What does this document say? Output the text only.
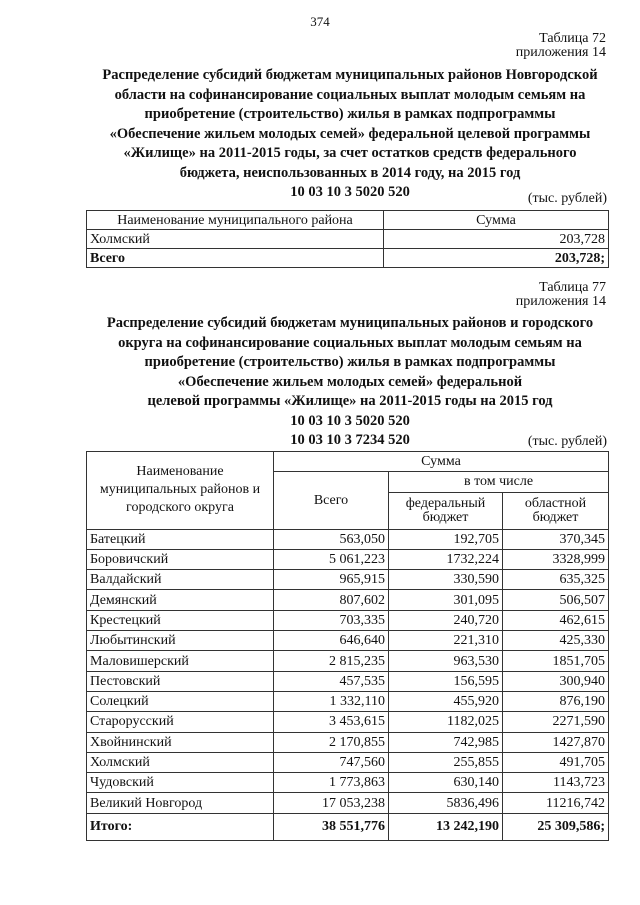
374
Таблица 72
приложения 14
Распределение субсидий бюджетам муниципальных районов Новгородской
области на софинансирование социальных выплат молодым семьям на
приобретение (строительство) жилья в рамках подпрограммы
«Обеспечение жильем молодых семей» федеральной целевой программы
«Жилище» на 2011-2015 годы, за счет остатков средств федерального
бюджета, неиспользованных в 2014 году, на 2015 год
10 03 10 3 5020 520	(тыс. рублей)
Наименование муниципального района	Сумма
Холмский	203,728
Всего	203,728;
Таблица 77
приложения 14
Распределение субсидий бюджетам муниципальных районов и городского
округа на софинансирование социальных выплат молодым семьям на
приобретение (строительство) жилья в рамках подпрограммы
«Обеспечение жильем молодых семей» федеральной
целевой программы «Жилище» на 2011-2015 годы на 2015 год
10 03 10 3 5020 520
10 03 10 3 7234 520	(тыс. рублей)
Наименование муниципальных районов и городского округа	Сумма		
	Всего	в том числе	

федеральный
бюджет

областной
бюджет

Батецкий	563,050	192,705	370,345
Боровичский	5 061,223	1732,224	3328,999
Валдайский	965,915	330,590	635,325
Демянский	807,602	301,095	506,507
Крестецкий	703,335	240,720	462,615
Любытинский	646,640	221,310	425,330
Маловишерский	2 815,235	963,530	1851,705
Пестовский	457,535	156,595	300,940
Солецкий	1 332,110	455,920	876,190
Старорусский	3 453,615	1182,025	2271,590
Хвойнинский	2 170,855	742,985	1427,870
Холмский	747,560	255,855	491,705
Чудовский	1 773,863	630,140	1143,723
Великий Новгород	17 053,238	5836,496	11216,742
Итого:	38 551,776	13 242,190	25 309,586;
